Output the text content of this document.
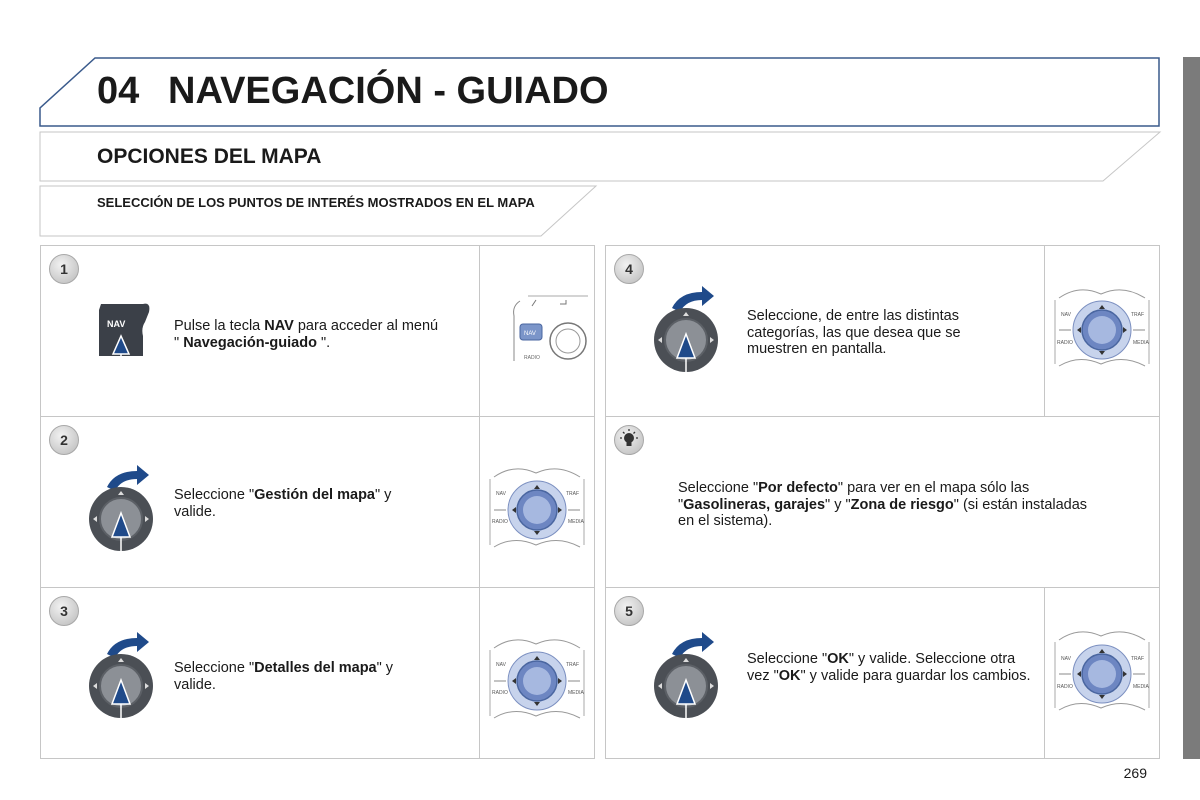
04 NAVEGACIÓN - GUIADO
OPCIONES DEL MAPA
SELECCIÓN DE LOS PUNTOS DE INTERÉS MOSTRADOS EN EL MAPA
1
NAV	Pulse la tecla NAV para acceder al menú " Navegación-guiado ".
NAV
RADIO
2
Seleccione "Gestión del mapa" y valide.
NAV	TRAF
RADIO	MEDIA
3
Seleccione "Detalles del mapa" y valide.
NAV	TRAF
RADIO	MEDIA
4
Seleccione, de entre las distintas categorías, las que desea que se muestren en pantalla.
NAV	TRAF
RADIO	MEDIA
Seleccione "Por defecto" para ver en el mapa sólo las "Gasolineras, garajes" y "Zona de riesgo" (si están instaladas en el sistema).
5
Seleccione "OK" y valide. Seleccione otra vez "OK" y valide para guardar los cambios.
NAV	TRAF
RADIO	MEDIA
269
